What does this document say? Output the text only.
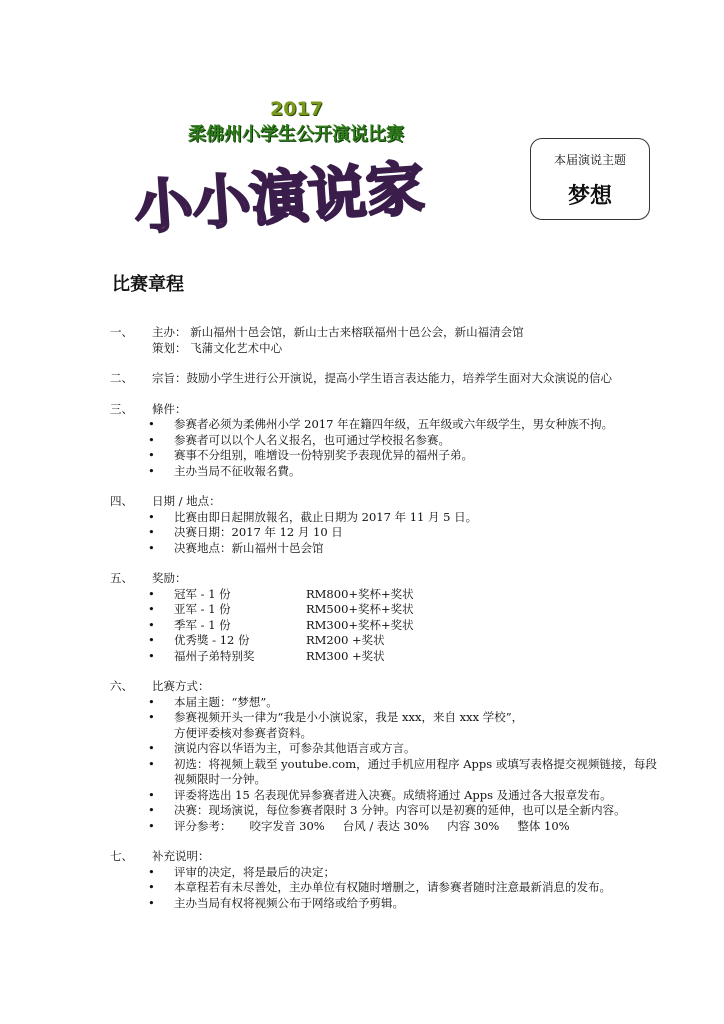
2017
柔佛州小学生公开演说比赛
小小演说家	本届演说主题
梦想
比赛章程
一、	主办： 新山福州十邑会馆，新山士古来榕联福州十邑公会，新山福清会馆
策划： 飞蒲文化艺术中心
二、	宗旨：鼓励小学生进行公开演说，提高小学生语言表达能力，培养学生面对大众演说的信心
三、	條件：
• 参赛者必须为柔佛州小学 2017 年在籍四年级，五年级或六年级学生，男女种族不拘。
• 参赛者可以以个人名义报名，也可通过学校报名参赛。
• 赛事不分组别，唯增设一份特别奖予表现优异的福州子弟。
• 主办当局不征收報名費。
四、	日期 / 地点：
• 比赛由即日起開放報名，截止日期为 2017 年 11 月 5 日。
• 决赛日期：2017 年 12 月 10 日
• 决赛地点：新山福州十邑会馆
五、	奖励：
• 冠军 - 1 份	RM800+奖杯+奖状
• 亚军 - 1 份	RM500+奖杯+奖状
• 季军 - 1 份	RM300+奖杯+奖状
• 优秀獎 - 12 份	RM200 +奖状
• 福州子弟特别奖	RM300 +奖状
六、	比赛方式：
• 本届主题：“梦想”。
• 参赛视频开头一律为“我是小小演说家，我是 xxx，来自 xxx 学校”，
方便评委核对参赛者资料。
• 演说内容以华语为主，可参杂其他语言或方言。
• 初选：将视频上载至 youtube.com，通过手机应用程序 Apps 或填写表格提交视频链接，每段
视频限时一分钟。
• 评委将选出 15 名表现优异参赛者进入决赛。成绩将通过 Apps 及通过各大报章发布。
• 决赛：现场演说，每位参赛者限时 3 分钟。内容可以是初赛的延伸，也可以是全新内容。
• 评分参考： 咬字发音 30% 台风 / 表达 30% 内容 30% 整体 10%
七、	补充说明：
• 评审的决定，将是最后的决定；
• 本章程若有未尽善处，主办单位有权随时增删之，请参赛者随时注意最新消息的发布。
• 主办当局有权将视频公布于网络或给予剪辑。
